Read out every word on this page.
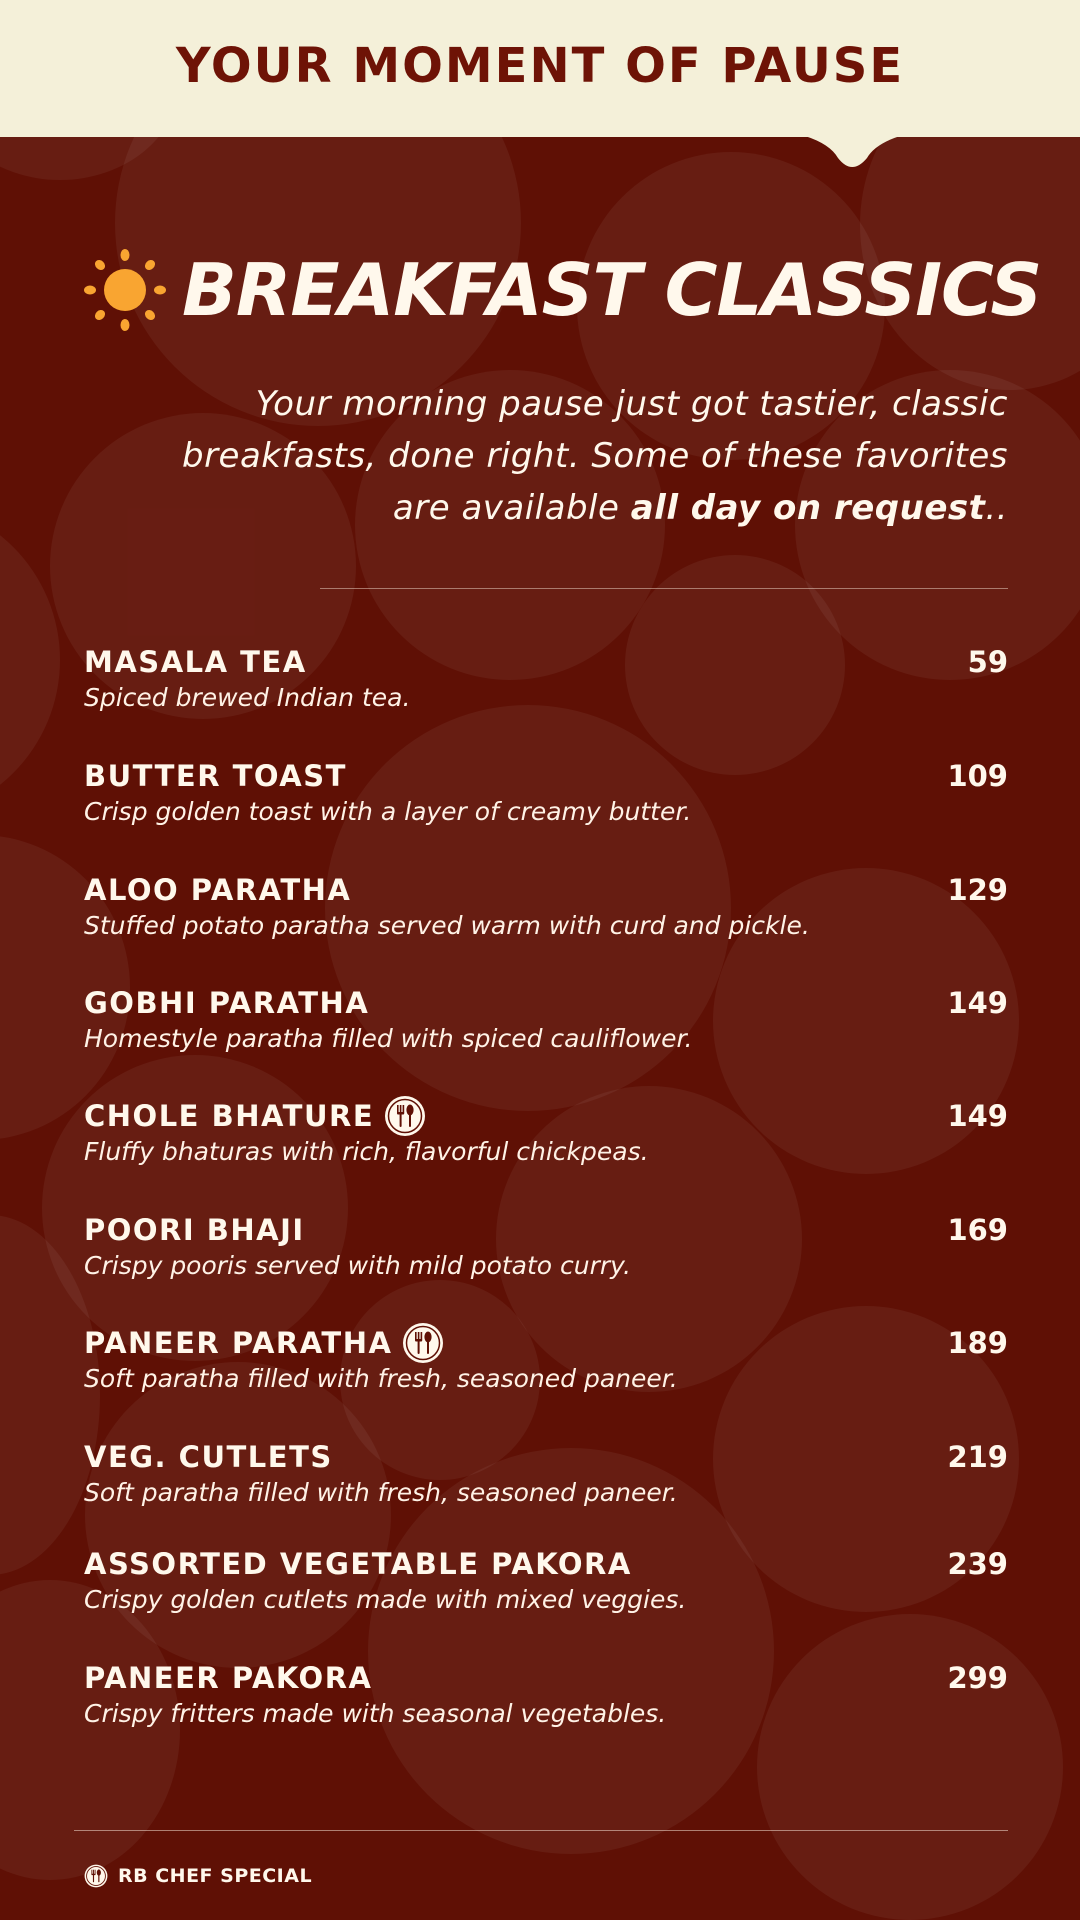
YOUR MOMENT OF PAUSE
BREAKFAST CLASSICS
Your morning pause just got tastier, classic
breakfasts, done right. Some of these favorites
are available all day on request..
MASALA TEA	59
Spiced brewed Indian tea.
BUTTER TOAST	109
Crisp golden toast with a layer of creamy butter.
ALOO PARATHA	129
Stuffed potato paratha served warm with curd and pickle.
GOBHI PARATHA	149
Homestyle paratha filled with spiced cauliflower.
CHOLE BHATURE	149
Fluffy bhaturas with rich, flavorful chickpeas.
POORI BHAJI	169
Crispy pooris served with mild potato curry.
PANEER PARATHA	189
Soft paratha filled with fresh, seasoned paneer.
VEG. CUTLETS	219
Soft paratha filled with fresh, seasoned paneer.
ASSORTED VEGETABLE PAKORA	239
Crispy golden cutlets made with mixed veggies.
PANEER PAKORA	299
Crispy fritters made with seasonal vegetables.
RB CHEF SPECIAL
